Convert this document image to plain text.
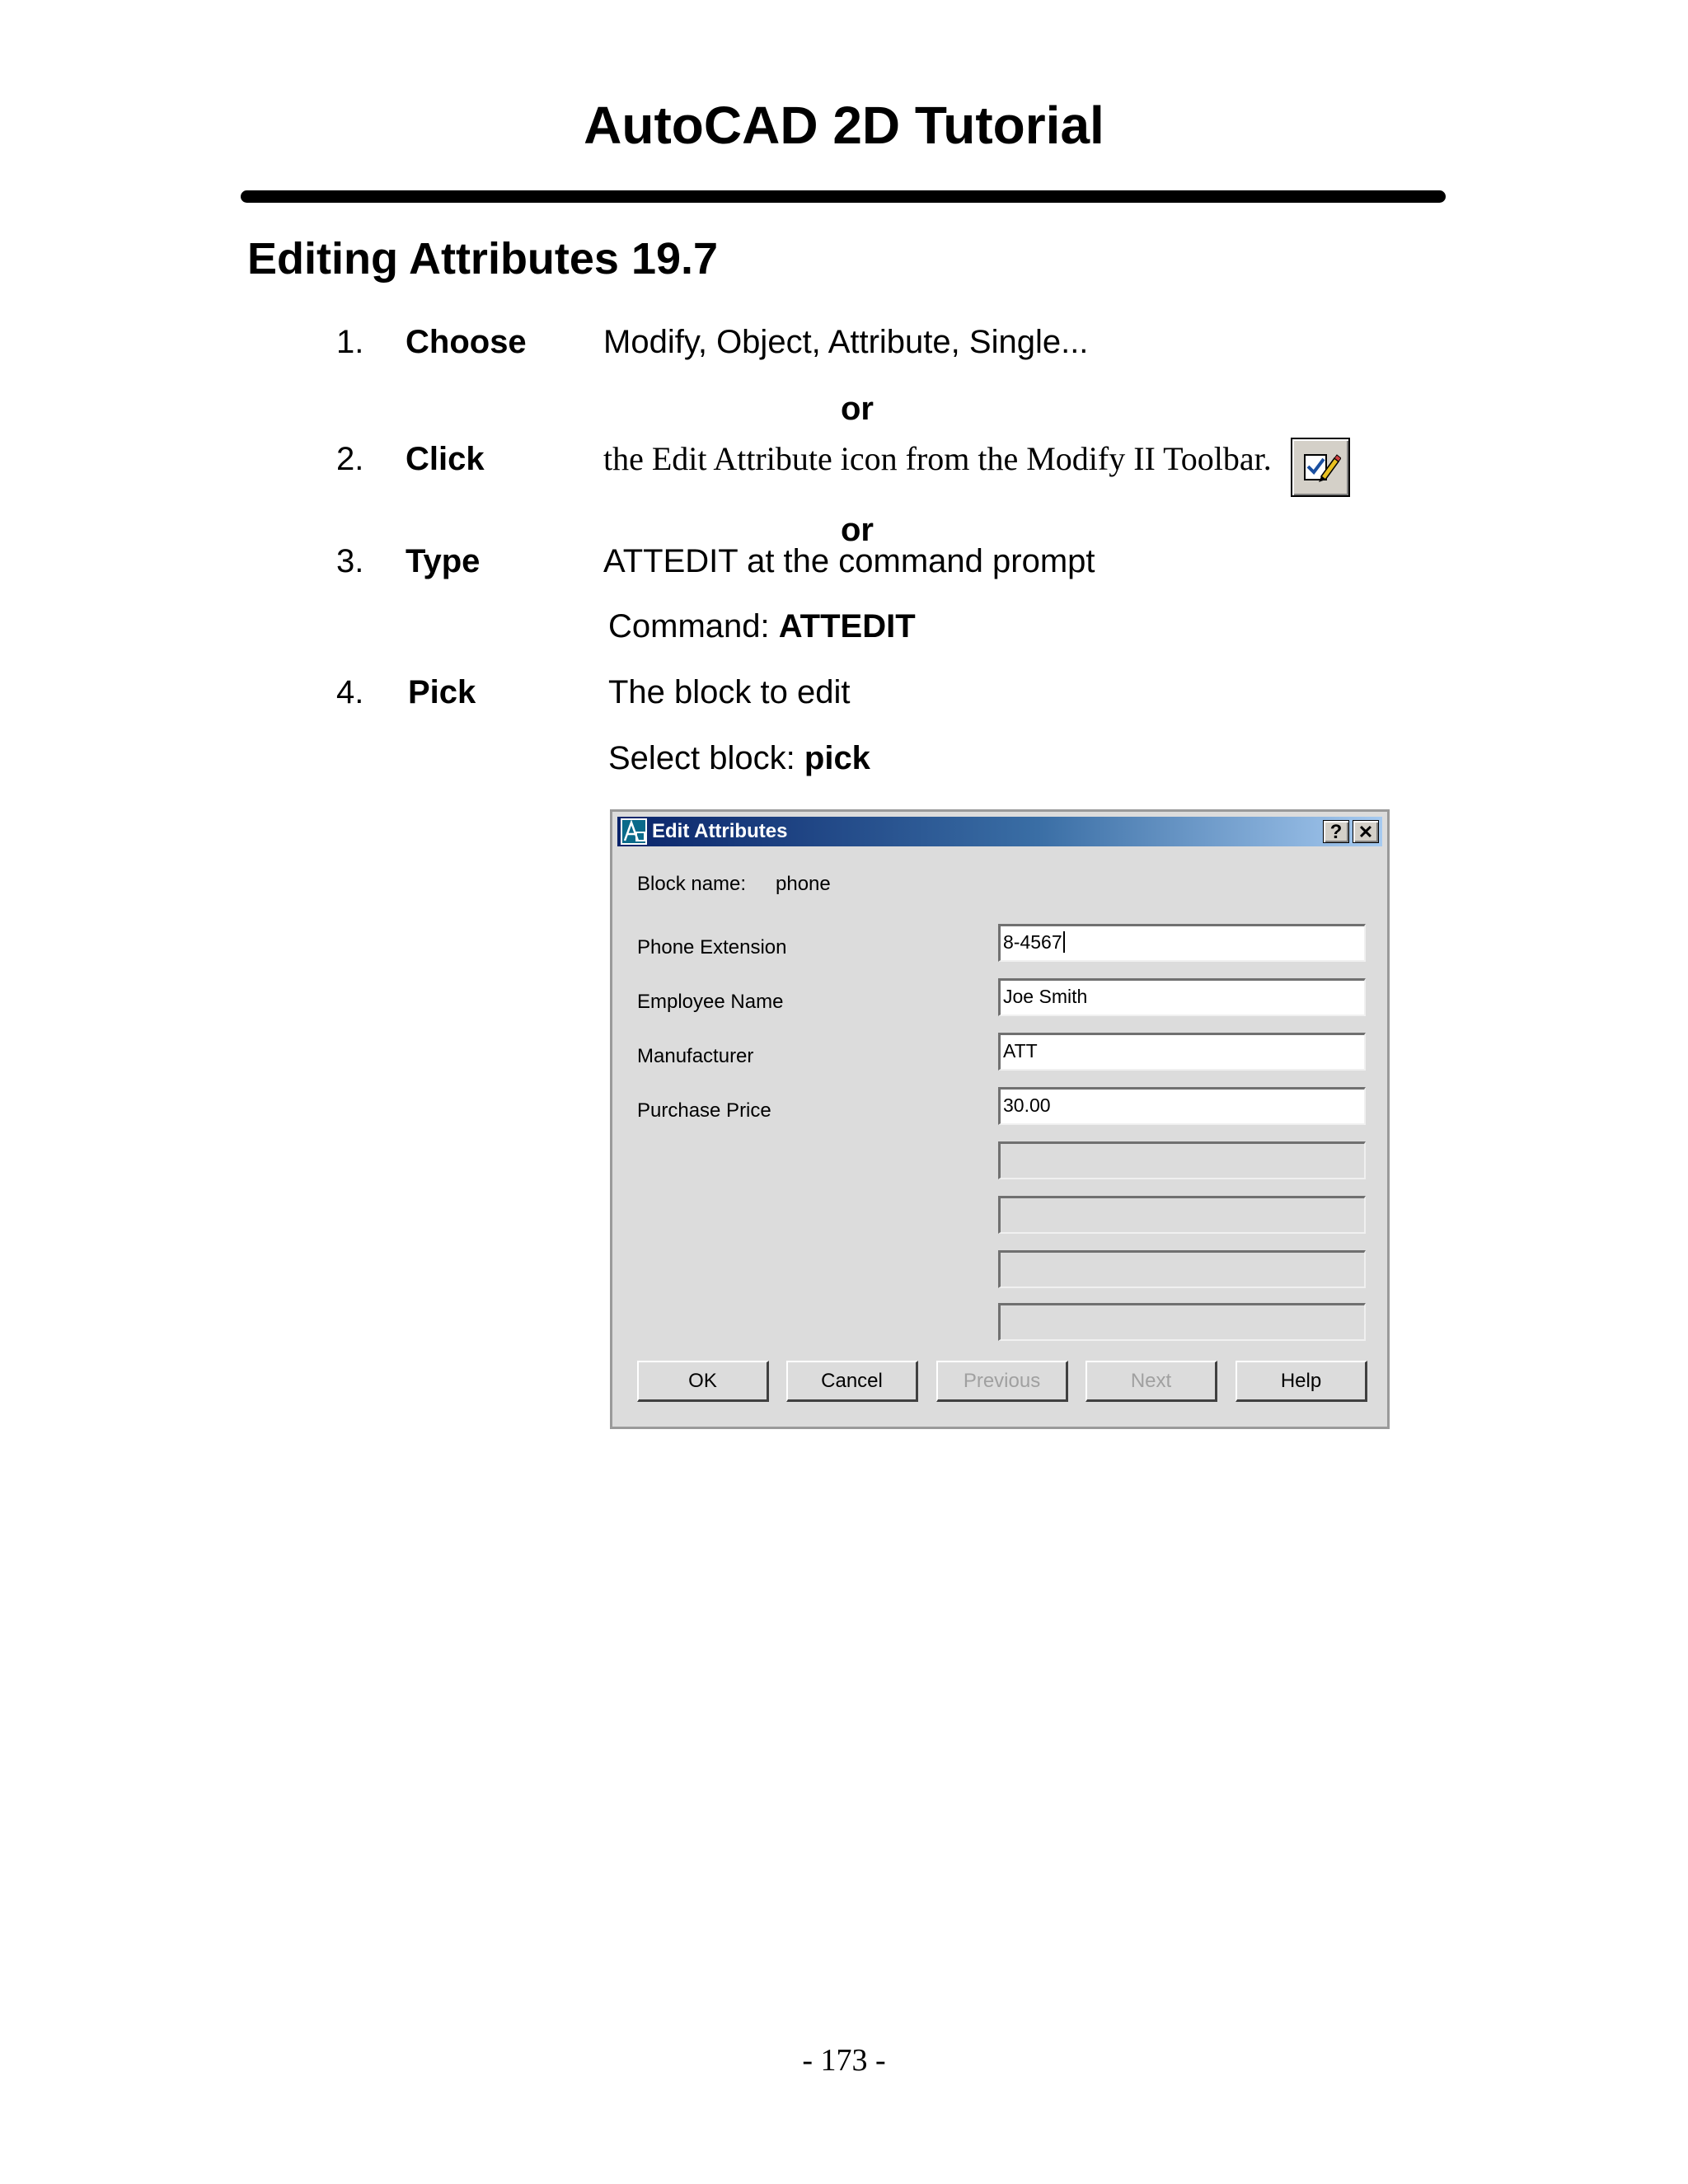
AutoCAD 2D Tutorial
Editing Attributes 19.7
1. Choose Modify, Object, Attribute, Single...
or
2. Click	the Edit Attribute icon from the Modify II Toolbar.
or
3. Type	ATTEDIT at the command prompt
Command: ATTEDIT
4. Pick	The block to edit
Select block: pick
Edit Attributes	? ✕
Block name: phone
Phone Extension	8-4567
Employee Name	Joe Smith
Manufacturer	ATT
Purchase Price	30.00
OK	Cancel	Previous	Next	Help
- 173 -
